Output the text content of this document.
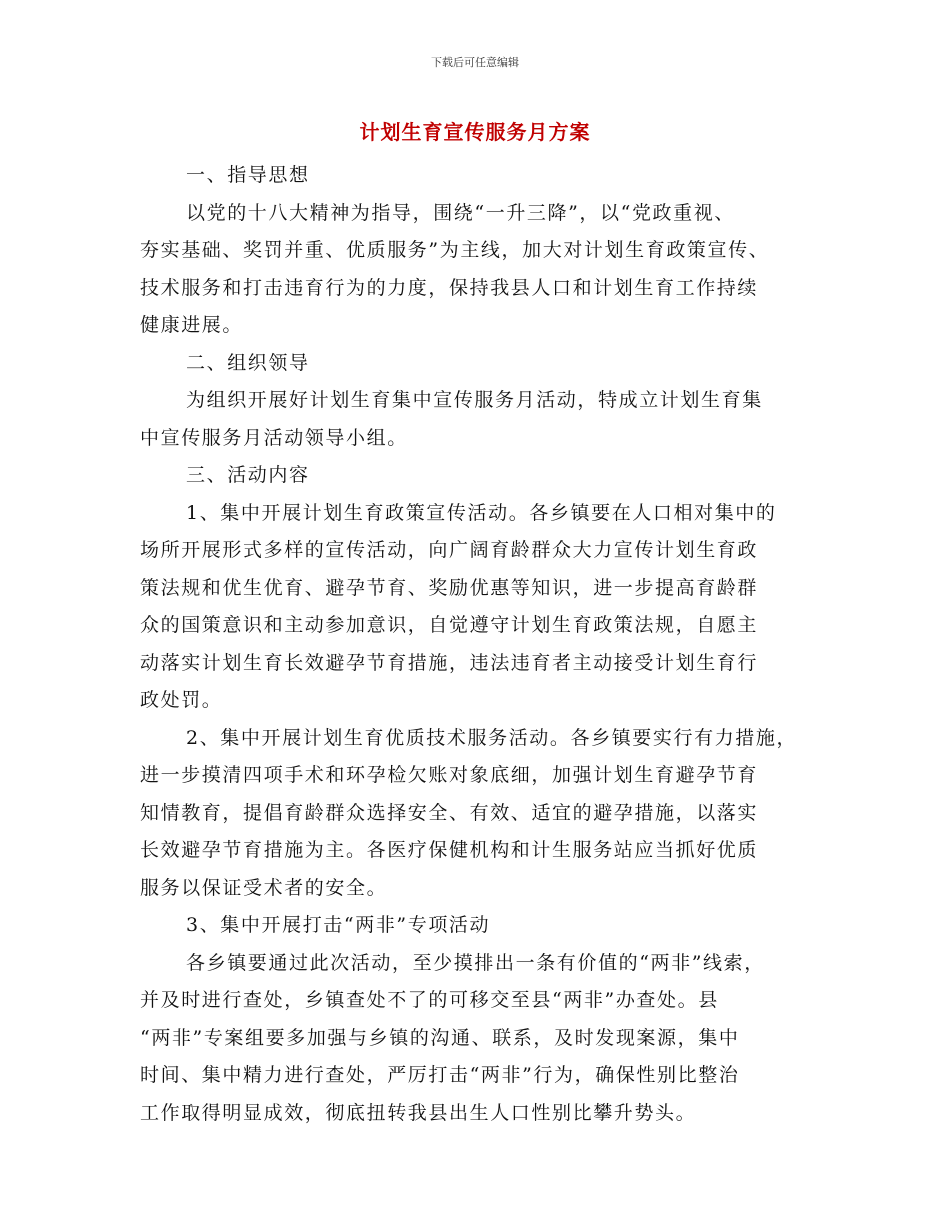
下载后可任意编辑
计划生育宣传服务月方案
一、指导思想
以党的十八大精神为指导，围绕“一升三降”，以“党政重视、
夯实基础、奖罚并重、优质服务”为主线，加大对计划生育政策宣传、
技术服务和打击违育行为的力度，保持我县人口和计划生育工作持续
健康进展。
二、组织领导
为组织开展好计划生育集中宣传服务月活动，特成立计划生育集
中宣传服务月活动领导小组。
三、活动内容
1、集中开展计划生育政策宣传活动。各乡镇要在人口相对集中的
场所开展形式多样的宣传活动，向广阔育龄群众大力宣传计划生育政
策法规和优生优育、避孕节育、奖励优惠等知识，进一步提高育龄群
众的国策意识和主动参加意识，自觉遵守计划生育政策法规，自愿主
动落实计划生育长效避孕节育措施，违法违育者主动接受计划生育行
政处罚。
2、集中开展计划生育优质技术服务活动。各乡镇要实行有力措施，
进一步摸清四项手术和环孕检欠账对象底细，加强计划生育避孕节育
知情教育，提倡育龄群众选择安全、有效、适宜的避孕措施，以落实
长效避孕节育措施为主。各医疗保健机构和计生服务站应当抓好优质
服务以保证受术者的安全。
3、集中开展打击“两非”专项活动
各乡镇要通过此次活动，至少摸排出一条有价值的“两非”线索，
并及时进行查处，乡镇查处不了的可移交至县“两非”办查处。县
“两非”专案组要多加强与乡镇的沟通、联系，及时发现案源，集中
时间、集中精力进行查处，严厉打击“两非”行为，确保性别比整治
工作取得明显成效，彻底扭转我县出生人口性别比攀升势头。
